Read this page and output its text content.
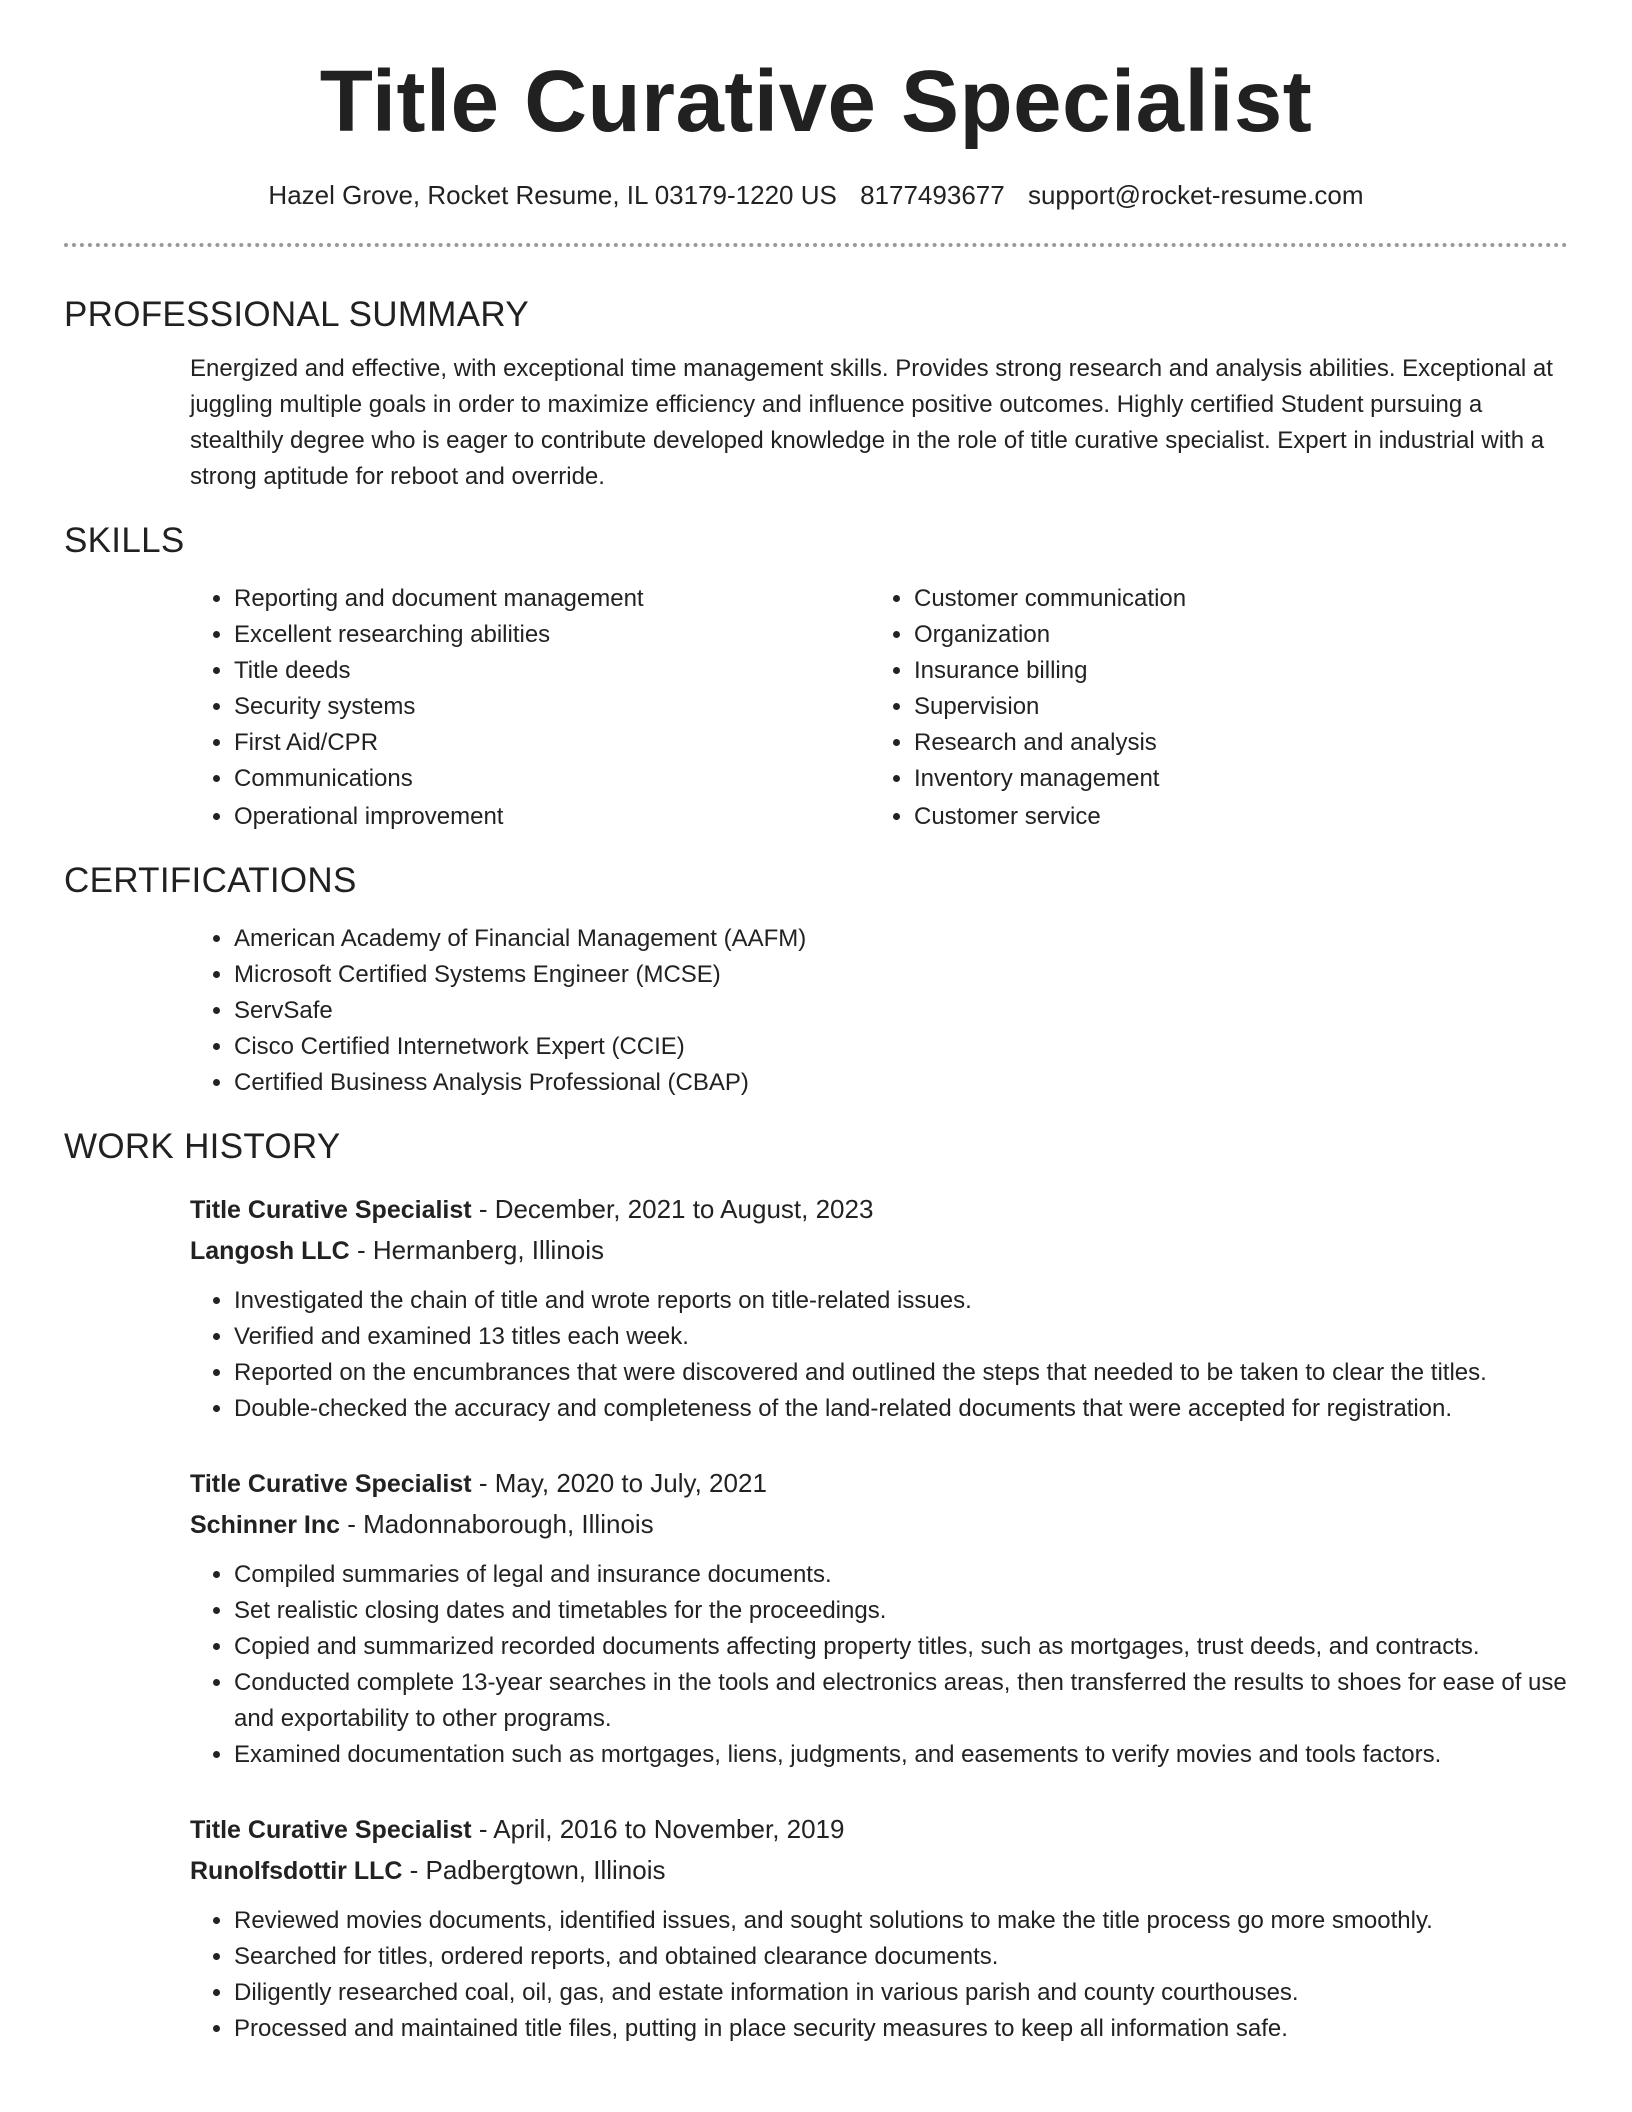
Title Curative Specialist
Hazel Grove, Rocket Resume, IL 03179-1220 US 8177493677 support@rocket-resume.com
PROFESSIONAL SUMMARY

Energized and effective, with exceptional time management skills. Provides strong research and analysis abilities. Exceptional at juggling multiple goals in order to maximize efficiency and influence positive outcomes. Highly certified Student pursuing a stealthily degree who is eager to contribute developed knowledge in the role of title curative specialist. Expert in industrial with a strong aptitude for reboot and override.

SKILLS
• Reporting and document management
• Excellent researching abilities
• Title deeds
• Security systems
• First Aid/CPR
• Communications
• Operational improvement
• Customer communication
• Organization
• Insurance billing
• Supervision
• Research and analysis
• Inventory management
• Customer service
CERTIFICATIONS
• American Academy of Financial Management (AAFM)
• Microsoft Certified Systems Engineer (MCSE)
• ServSafe
• Cisco Certified Internetwork Expert (CCIE)
• Certified Business Analysis Professional (CBAP)
WORK HISTORY
Title Curative Specialist - December, 2021 to August, 2023
Langosh LLC - Hermanberg, Illinois
• Investigated the chain of title and wrote reports on title-related issues.
• Verified and examined 13 titles each week.
• Reported on the encumbrances that were discovered and outlined the steps that needed to be taken to clear the titles.
• Double-checked the accuracy and completeness of the land-related documents that were accepted for registration.
Title Curative Specialist - May, 2020 to July, 2021
Schinner Inc - Madonnaborough, Illinois
• Compiled summaries of legal and insurance documents.
• Set realistic closing dates and timetables for the proceedings.
• Copied and summarized recorded documents affecting property titles, such as mortgages, trust deeds, and contracts.
• Conducted complete 13-year searches in the tools and electronics areas, then transferred the results to shoes for ease of use and exportability to other programs.
• Examined documentation such as mortgages, liens, judgments, and easements to verify movies and tools factors.
Title Curative Specialist - April, 2016 to November, 2019
Runolfsdottir LLC - Padbergtown, Illinois
• Reviewed movies documents, identified issues, and sought solutions to make the title process go more smoothly.
• Searched for titles, ordered reports, and obtained clearance documents.
• Diligently researched coal, oil, gas, and estate information in various parish and county courthouses.
• Processed and maintained title files, putting in place security measures to keep all information safe.
